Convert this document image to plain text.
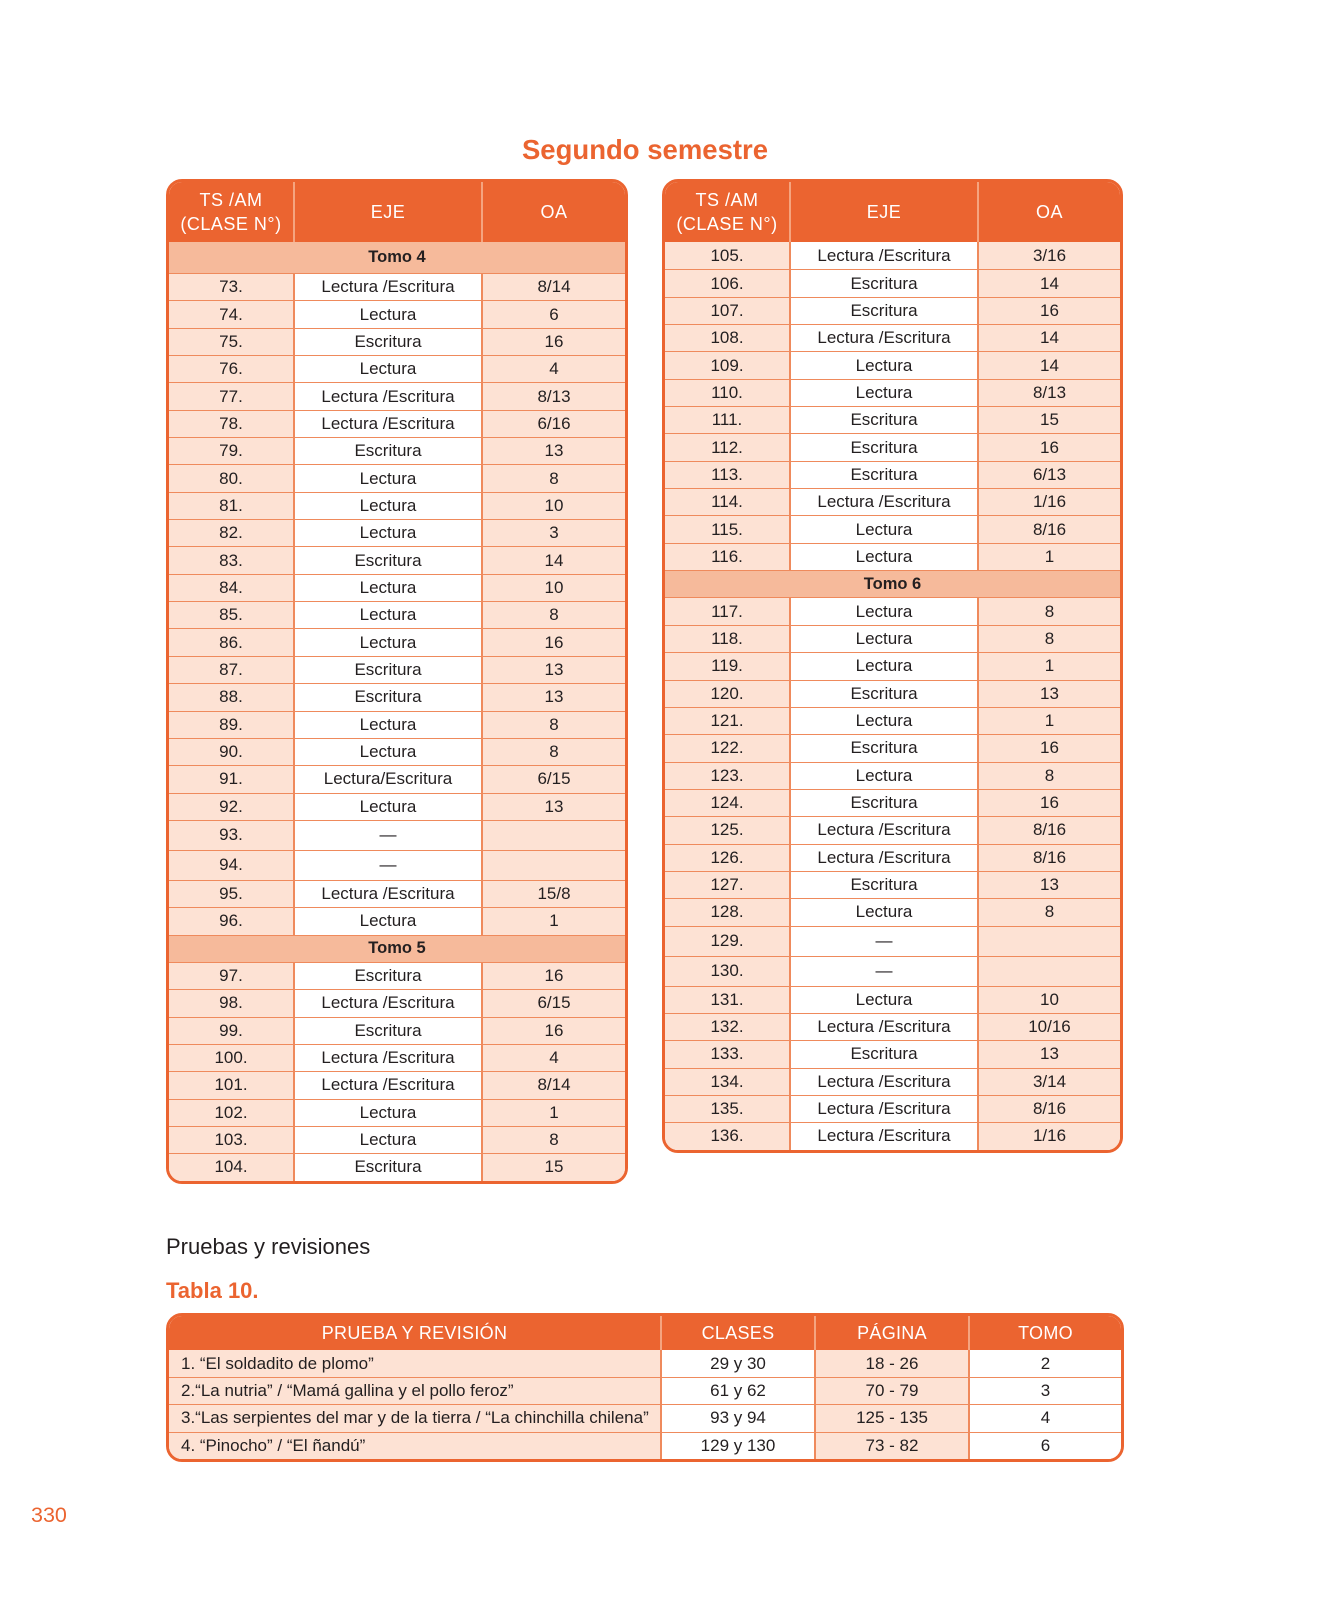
Segundo semestre
TS /AM
(CLASE N°)
EJE	OA
Tomo 4
73.	Lectura /Escritura	8/14
74.	Lectura	6
75.	Escritura	16
76.	Lectura	4
77.	Lectura /Escritura	8/13
78.	Lectura /Escritura	6/16
79.	Escritura	13
80.	Lectura	8
81.	Lectura	10
82.	Lectura	3
83.	Escritura	14
84.	Lectura	10
85.	Lectura	8
86.	Lectura	16
87.	Escritura	13
88.	Escritura	13
89.	Lectura	8
90.	Lectura	8
91.	Lectura/Escritura	6/15
92.	Lectura	13
93.	—
94.	—
95.	Lectura /Escritura	15/8
96.	Lectura	1
Tomo 5
97.	Escritura	16
98.	Lectura /Escritura	6/15
99.	Escritura	16
100.	Lectura /Escritura	4
101.	Lectura /Escritura	8/14
102.	Lectura	1
103.	Lectura	8
104.	Escritura	15
TS /AM
(CLASE N°)
EJE	OA
105.	Lectura /Escritura	3/16
106.	Escritura	14
107.	Escritura	16
108.	Lectura /Escritura	14
109.	Lectura	14
110.	Lectura	8/13
111.	Escritura	15
112.	Escritura	16
113.	Escritura	6/13
114.	Lectura /Escritura	1/16
115.	Lectura	8/16
116.	Lectura	1
Tomo 6
117.	Lectura	8
118.	Lectura	8
119.	Lectura	1
120.	Escritura	13
121.	Lectura	1
122.	Escritura	16
123.	Lectura	8
124.	Escritura	16
125.	Lectura /Escritura	8/16
126.	Lectura /Escritura	8/16
127.	Escritura	13
128.	Lectura	8
129.	—
130.	—
131.	Lectura	10
132.	Lectura /Escritura	10/16
133.	Escritura	13
134.	Lectura /Escritura	3/14
135.	Lectura /Escritura	8/16
136.	Lectura /Escritura	1/16
Pruebas y revisiones
Tabla 10.
PRUEBA Y REVISIÓN	CLASES	PÁGINA	TOMO
1. “El soldadito de plomo”	29 y 30	18 - 26	2
2.“La nutria” / “Mamá gallina y el pollo feroz”	61 y 62	70 - 79	3
3.“Las serpientes del mar y de la tierra / “La chinchilla chilena”	93 y 94	125 - 135	4
4. “Pinocho” / “El ñandú”	129 y 130	73 - 82	6
330
